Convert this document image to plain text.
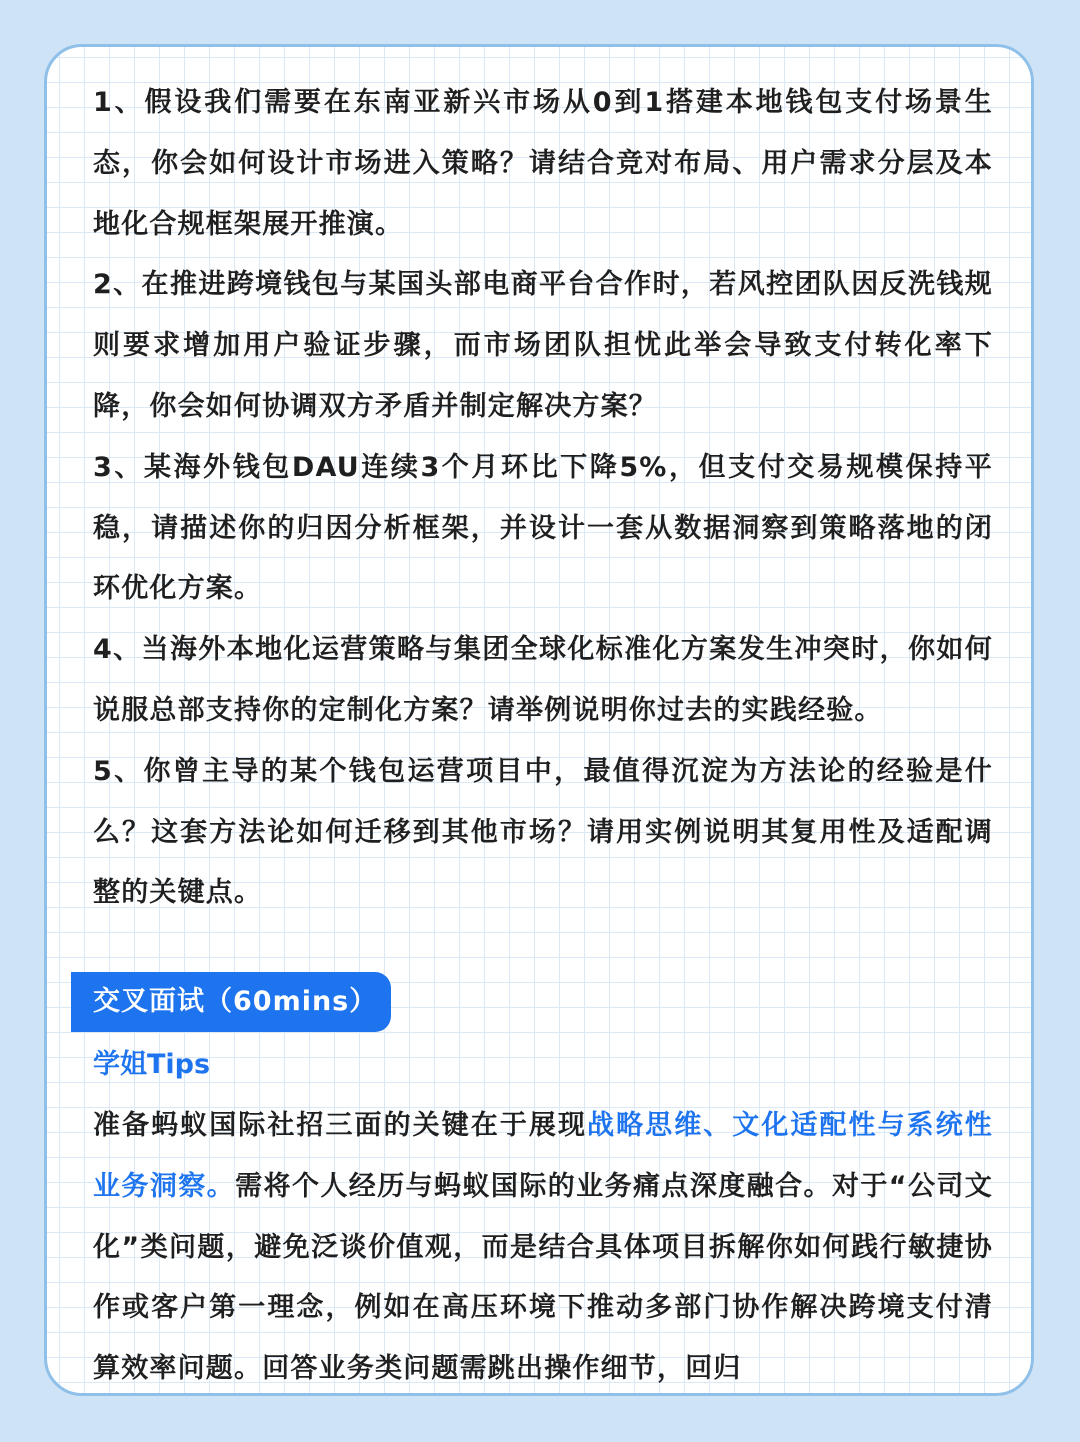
1、假设我们需要在东南亚新兴市场从0到1搭建本地钱包支付场景生态，你会如何设计市场进入策略？请结合竞对布局、用户需求分层及本地化合规框架展开推演。

2、在推进跨境钱包与某国头部电商平台合作时，若风控团队因反洗钱规则要求增加用户验证步骤，而市场团队担忧此举会导致支付转化率下降，你会如何协调双方矛盾并制定解决方案？

3、某海外钱包DAU连续3个月环比下降5%，但支付交易规模保持平稳，请描述你的归因分析框架，并设计一套从数据洞察到策略落地的闭环优化方案。

4、当海外本地化运营策略与集团全球化标准化方案发生冲突时，你如何说服总部支持你的定制化方案？请举例说明你过去的实践经验。

5、你曾主导的某个钱包运营项目中，最值得沉淀为方法论的经验是什么？这套方法论如何迁移到其他市场？请用实例说明其复用性及适配调整的关键点。

交叉面试（60mins）

学姐Tips

准备蚂蚁国际社招三面的关键在于展现战略思维、文化适配性与系统性业务洞察。需将个人经历与蚂蚁国际的业务痛点深度融合。对于“公司文化”类问题，避免泛谈价值观，而是结合具体项目拆解你如何践行敏捷协作或客户第一理念，例如在高压环境下推动多部门协作解决跨境支付清算效率问题。回答业务类问题需跳出操作细节，回归
